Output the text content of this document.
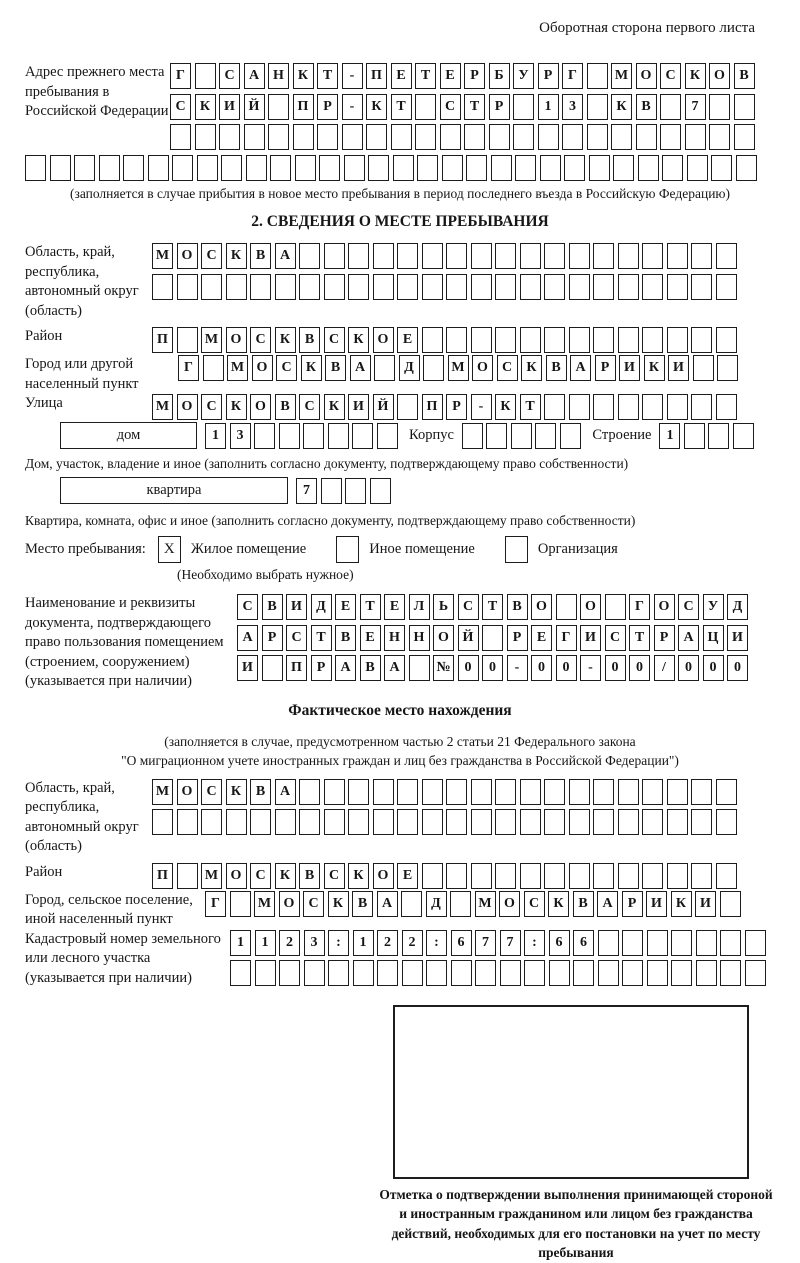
Оборотная сторона первого листа
Адрес прежнего места пребывания в Российской Федерации
Г	С	А Н К	Т	-	П	Е	Т	Е	Р	Б	У	Р	Г	М О	С	К О	В
С	К И Й	П	Р	-	К	Т	С	Т	Р	1	3	К	В	7
(заполняется в случае прибытия в новое место пребывания в период последнего въезда в Российскую Федерацию)
2. СВЕДЕНИЯ О МЕСТЕ ПРЕБЫВАНИЯ
Область, край, республика, автономный округ (область)
М О	С	К	В	А
Район	П	М О	С	К	В	С	К О	Е
Город или другой населенный пункт
Г	М О	С	К	В	А	Д	М О	С	К	В	А	Р	И К И
Улица	М О	С	К О	В	С	К И Й	П	Р	-	К	Т
дом	1	3	Корпус	Строение	1
Дом, участок, владение и иное (заполнить согласно документу, подтверждающему право собственности)
квартира	7
Квартира, комната, офис и иное (заполнить согласно документу, подтверждающему право собственности)
Место пребывания:	X	Жилое помещение	Иное помещение	Организация
(Необходимо выбрать нужное)
Наименование и реквизиты документа, подтверждающего право пользования помещением (строением, сооружением) (указывается при наличии)
С	В	И	Д	Е	Т	Е	Л	Ь	С	Т	В	О	О	Г	О	С	У	Д
А	Р	С	Т	В	Е	Н Н О Й	Р	Е	Г	И	С	Т	Р	А Ц И
И	П	Р	А	В	А	№ 0	0	-	0	0	-	0	0	/	0	0	0
Фактическое место нахождения
(заполняется в случае, предусмотренном частью 2 статьи 21 Федерального закона
"О миграционном учете иностранных граждан и лиц без гражданства в Российской Федерации")
Область, край, республика, автономный округ (область)
М О	С	К	В	А
Район	П	М О	С	К	В	С	К О	Е
Город, сельское поселение, иной населенный пункт
Г	М О	С	К	В	А	Д	М О	С	К	В	А	Р	И К И
Кадастровый номер земельного или лесного участка (указывается при наличии)
1	1	2	3	:	1	2	2	:	6	7	7	:	6	6
Отметка о подтверждении выполнения принимающей стороной и иностранным гражданином или лицом без гражданства действий, необходимых для его постановки на учет по месту пребывания
